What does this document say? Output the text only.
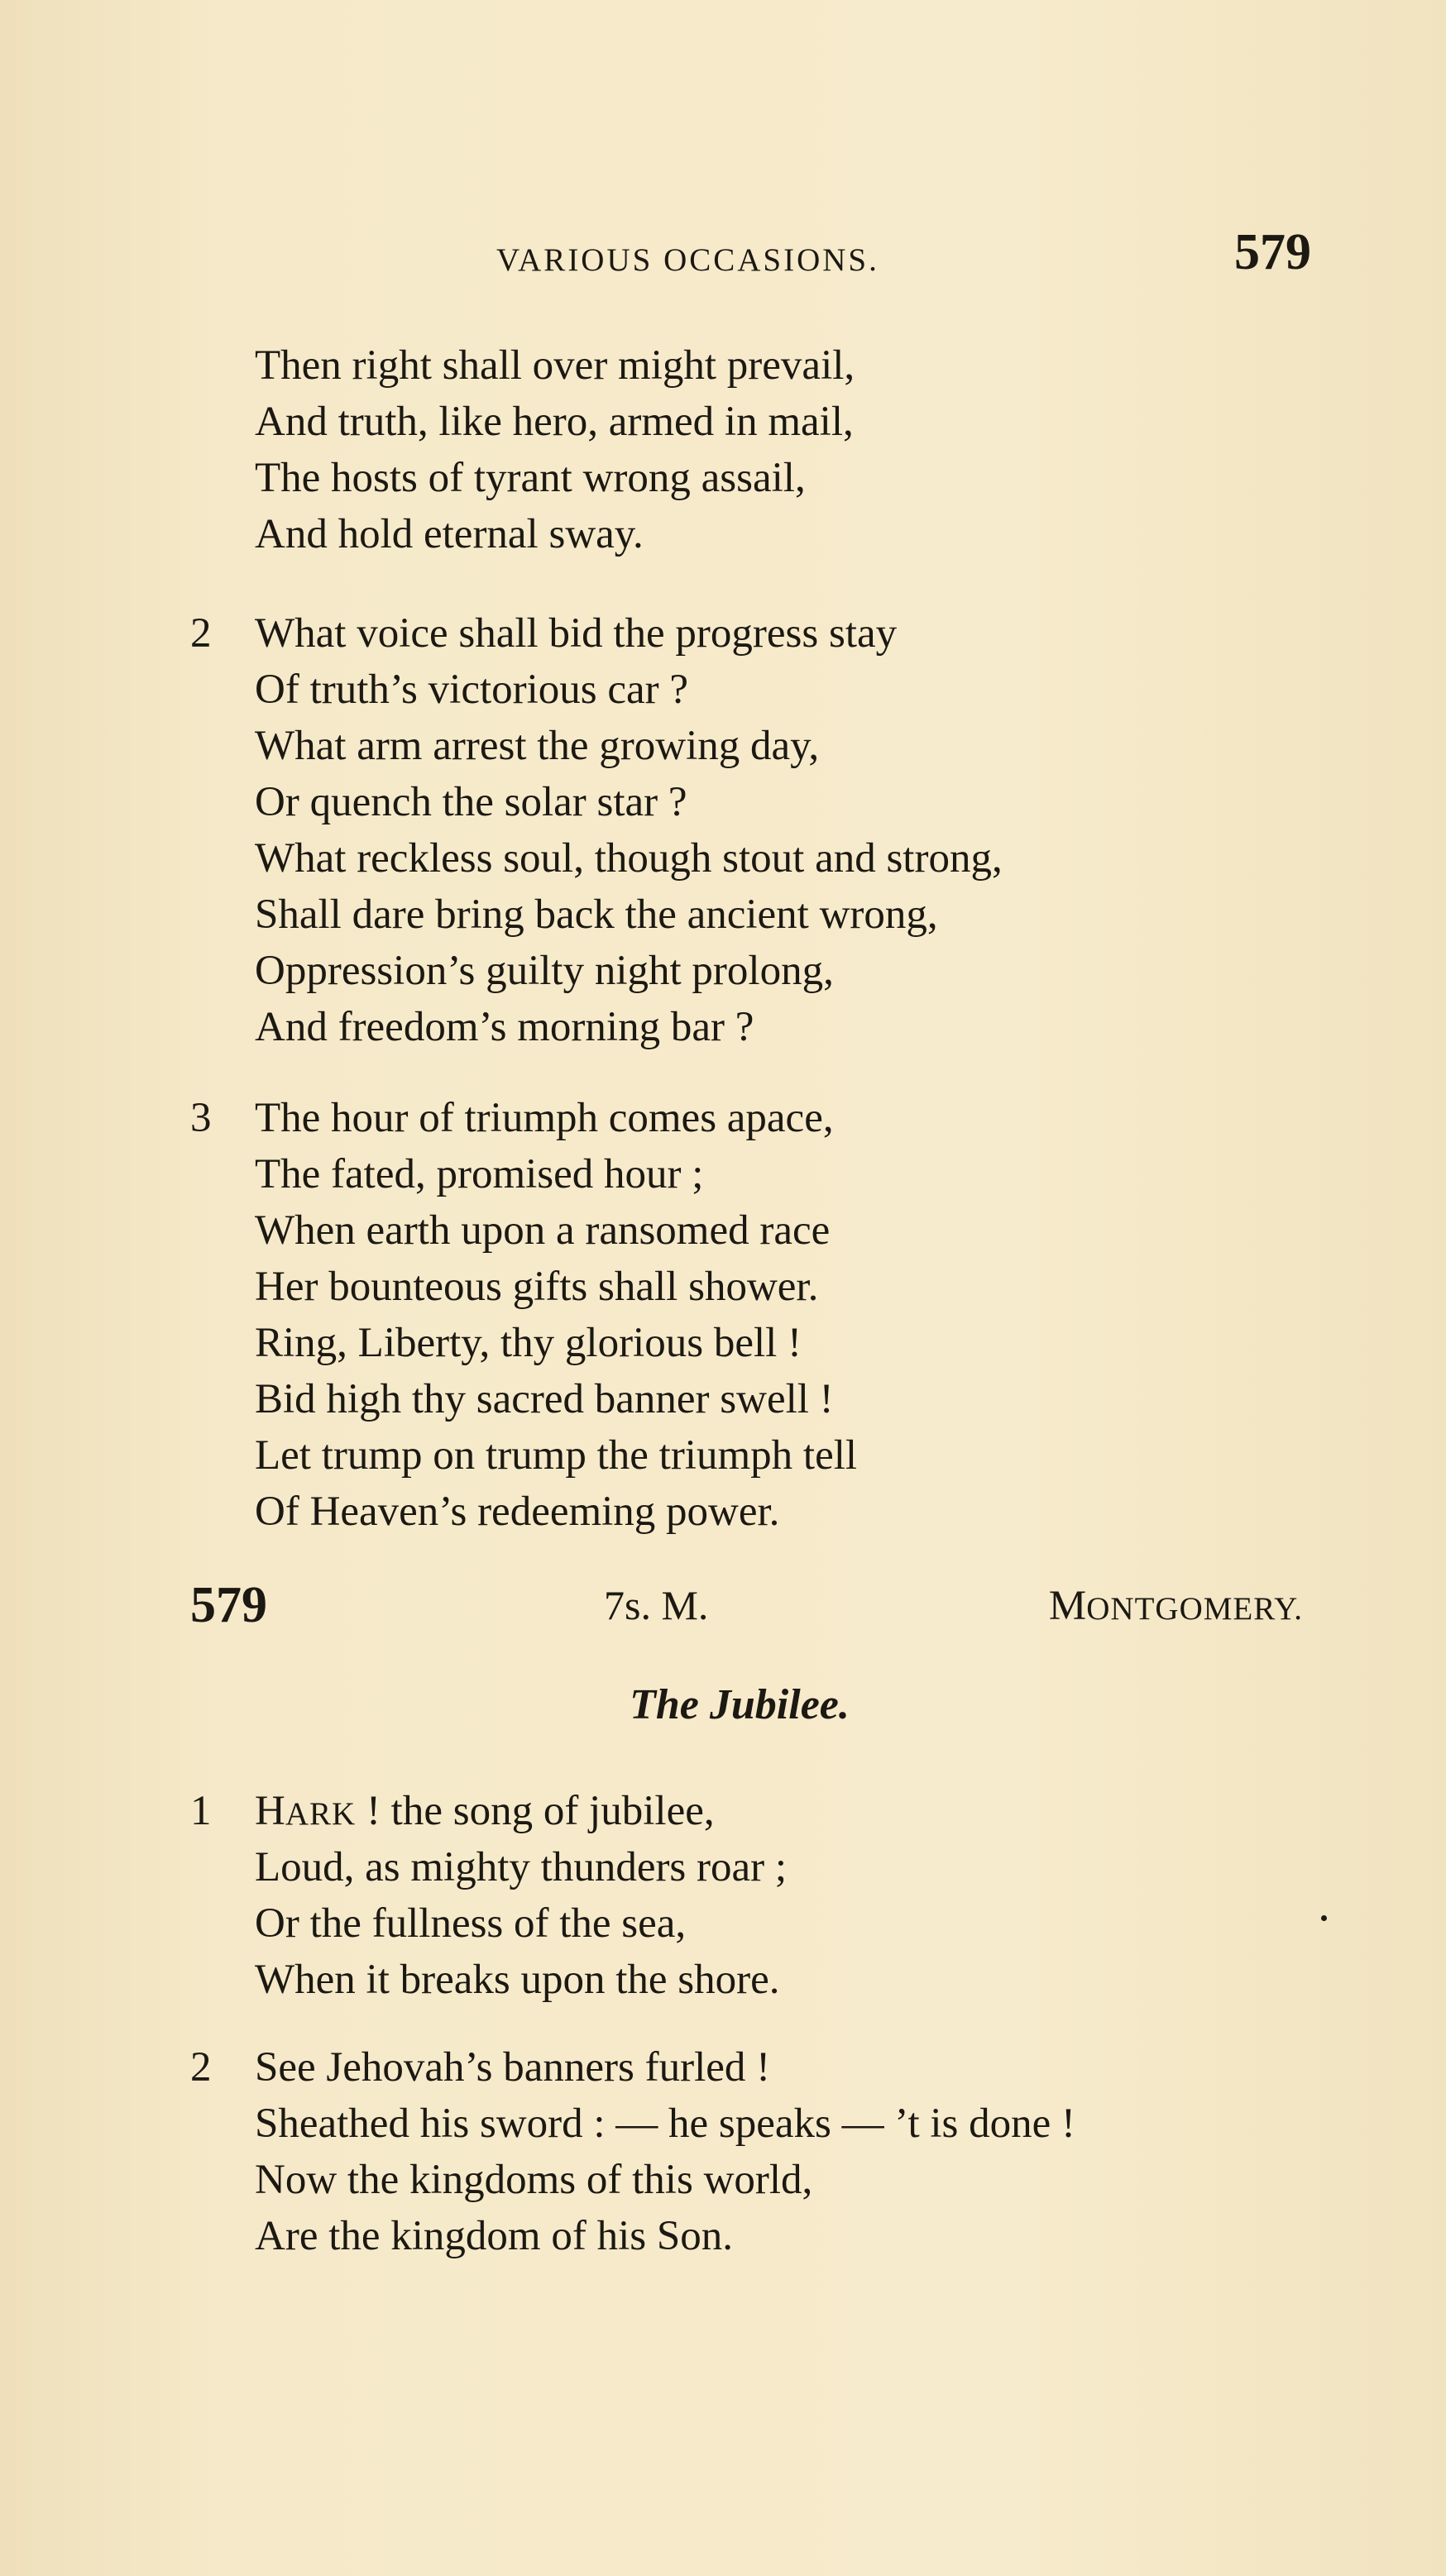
VARIOUS OCCASIONS.	579
Then right shall over might prevail,
And truth, like hero, armed in mail,
The hosts of tyrant wrong assail,
And hold eternal sway.
2	What voice shall bid the progress stay
Of truth’s victorious car ?
What arm arrest the growing day,
Or quench the solar star ?
What reckless soul, though stout and strong,
Shall dare bring back the ancient wrong,
Oppression’s guilty night prolong,
And freedom’s morning bar ?
3	The hour of triumph comes apace,
The fated, promised hour ;
When earth upon a ransomed race
Her bounteous gifts shall shower.
Ring, Liberty, thy glorious bell !
Bid high thy sacred banner swell !
Let trump on trump the triumph tell
Of Heaven’s redeeming power.
579	7s. M.	MONTGOMERY.
The Jubilee.
1	HARK ! the song of jubilee,
Loud, as mighty thunders roar ;
Or the fullness of the sea,
When it breaks upon the shore.
2	See Jehovah’s banners furled !
Sheathed his sword : — he speaks — ’t is done !
Now the kingdoms of this world,
Are the kingdom of his Son.
